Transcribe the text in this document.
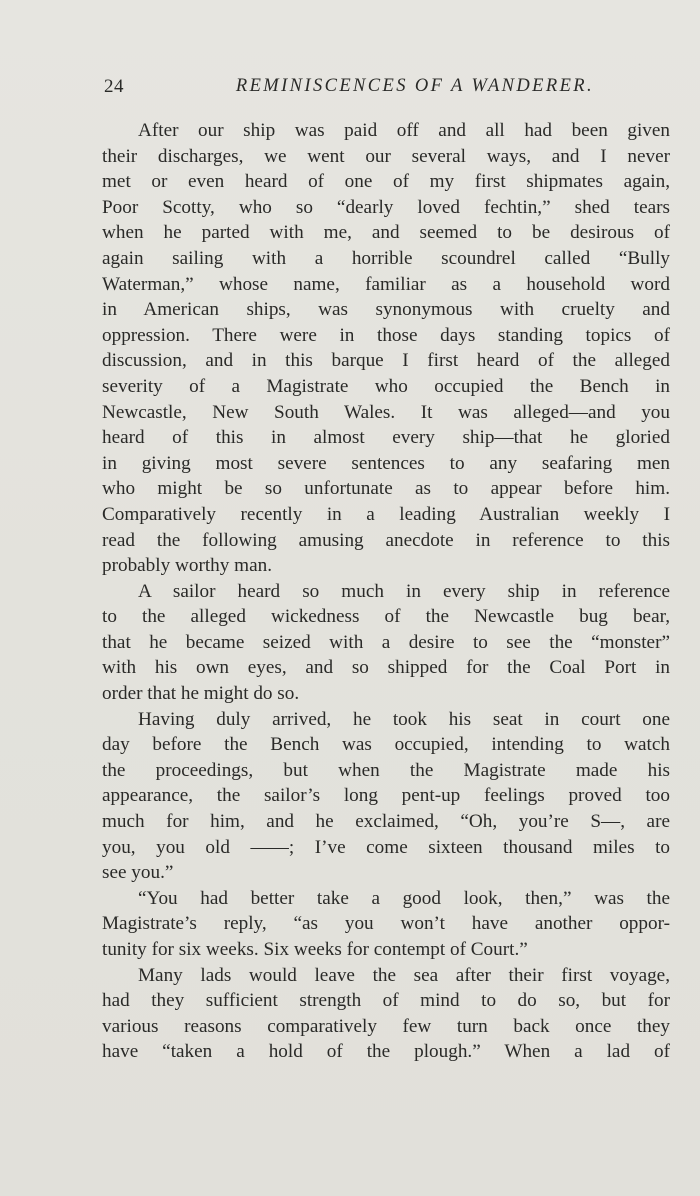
24	REMINISCENCES OF A WANDERER.
After our ship was paid off and all had been given
their discharges, we went our several ways, and I never
met or even heard of one of my first shipmates again,
Poor Scotty, who so “dearly loved fechtin,” shed tears
when he parted with me, and seemed to be desirous of
again sailing with a horrible scoundrel called “Bully
Waterman,” whose name, familiar as a household word
in American ships, was synonymous with cruelty and
oppression. There were in those days standing topics of
discussion, and in this barque I first heard of the alleged
severity of a Magistrate who occupied the Bench in
Newcastle, New South Wales. It was alleged—and you
heard of this in almost every ship—that he gloried
in giving most severe sentences to any seafaring men
who might be so unfortunate as to appear before him.
Comparatively recently in a leading Australian weekly I
read the following amusing anecdote in reference to this
probably worthy man.
A sailor heard so much in every ship in reference
to the alleged wickedness of the Newcastle bug bear,
that he became seized with a desire to see the “monster”
with his own eyes, and so shipped for the Coal Port in
order that he might do so.
Having duly arrived, he took his seat in court one
day before the Bench was occupied, intending to watch
the proceedings, but when the Magistrate made his
appearance, the sailor’s long pent-up feelings proved too
much for him, and he exclaimed, “Oh, you’re S—, are
you, you old ——; I’ve come sixteen thousand miles to
see you.”
“You had better take a good look, then,” was the
Magistrate’s reply, “as you won’t have another oppor-
tunity for six weeks. Six weeks for contempt of Court.”
Many lads would leave the sea after their first voyage,
had they sufficient strength of mind to do so, but for
various reasons comparatively few turn back once they
have “taken a hold of the plough.” When a lad of
